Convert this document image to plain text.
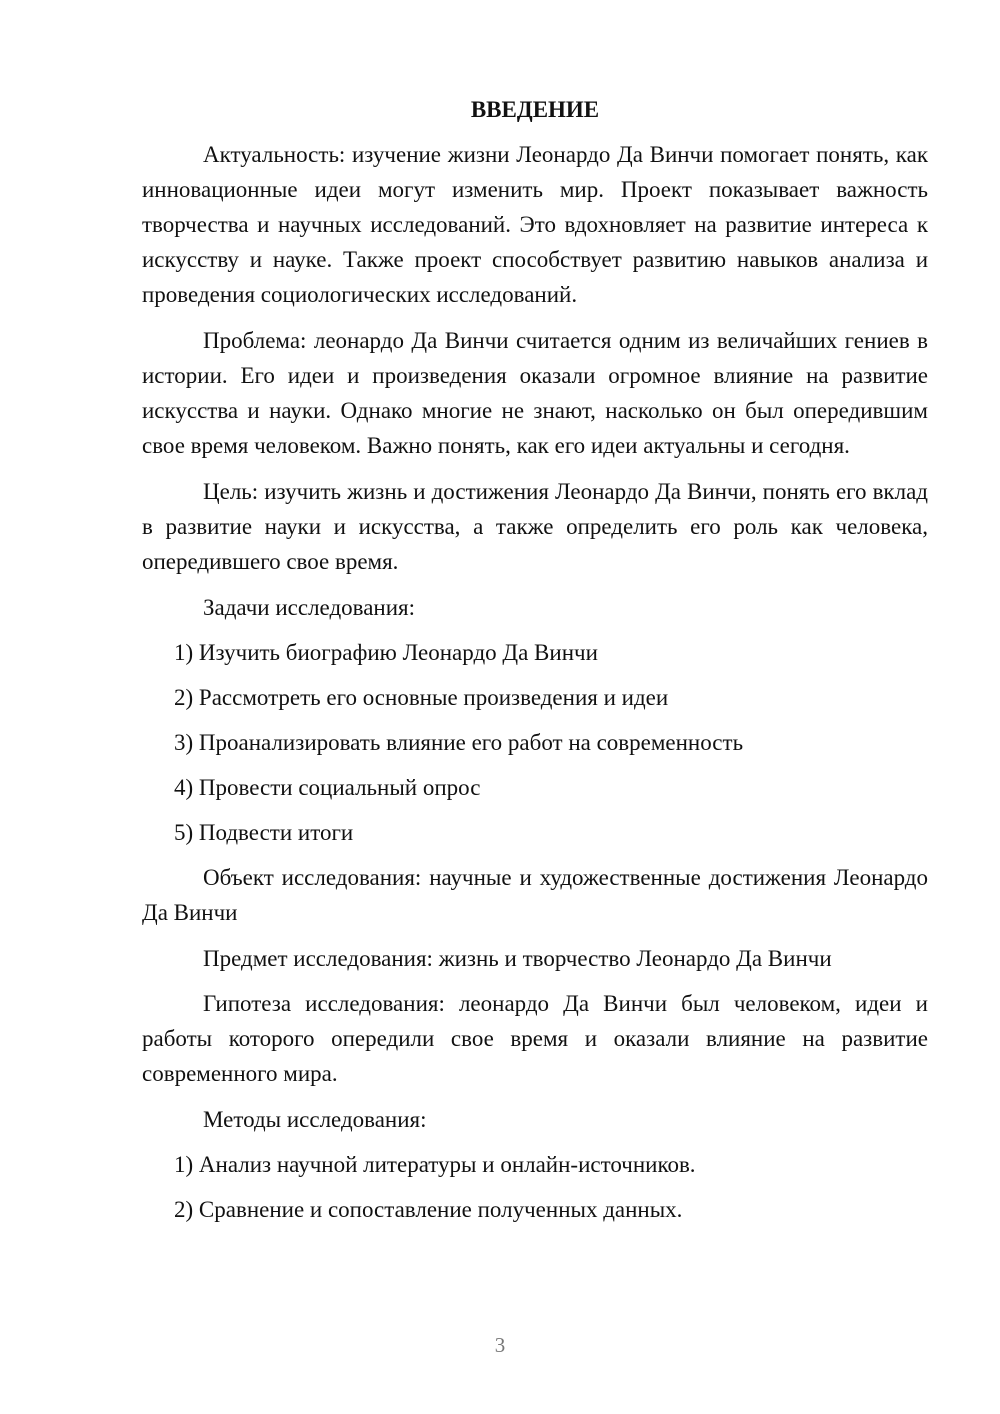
ВВЕДЕНИЕ

Актуальность: изучение жизни Леонардо Да Винчи помогает понять, как инновационные идеи могут изменить мир. Проект показывает важность творчества и научных исследований. Это вдохновляет на развитие интереса к искусству и науке. Также проект способствует развитию навыков анализа и проведения социологических исследований.

Проблема: леонардо Да Винчи считается одним из величайших гениев в истории. Его идеи и произведения оказали огромное влияние на развитие искусства и науки. Однако многие не знают, насколько он был опередившим свое время человеком. Важно понять, как его идеи актуальны и сегодня.

Цель: изучить жизнь и достижения Леонардо Да Винчи, понять его вклад в развитие науки и искусства, а также определить его роль как человека, опередившего свое время.

Задачи исследования:
1) Изучить биографию Леонардо Да Винчи
2) Рассмотреть его основные произведения и идеи
3) Проанализировать влияние его работ на современность
4) Провести социальный опрос
5) Подвести итоги

Объект исследования: научные и художественные достижения Леонардо Да Винчи

Предмет исследования: жизнь и творчество Леонардо Да Винчи

Гипотеза исследования: леонардо Да Винчи был человеком, идеи и работы которого опередили свое время и оказали влияние на развитие современного мира.

Методы исследования:
1) Анализ научной литературы и онлайн-источников.
2) Сравнение и сопоставление полученных данных.
3
